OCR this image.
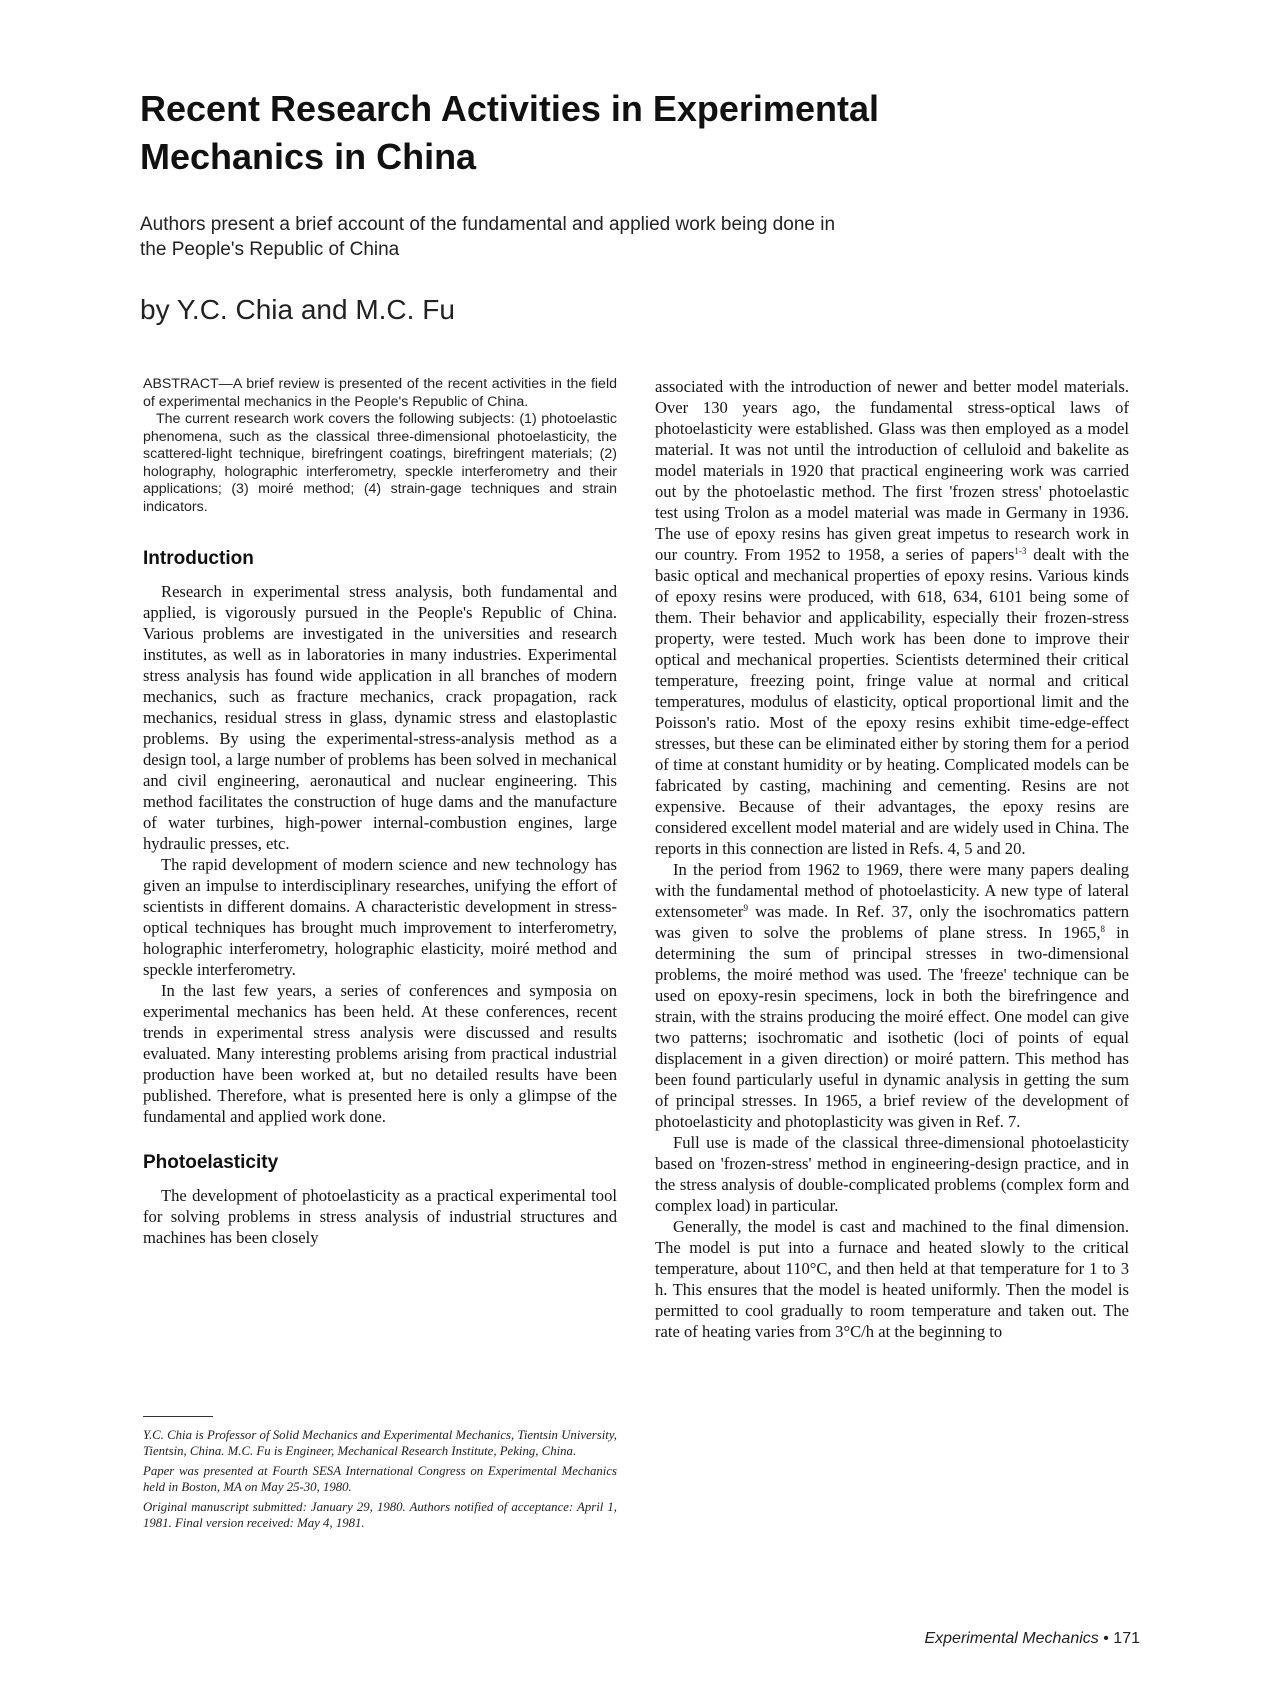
Recent Research Activities in Experimental Mechanics in China

Authors present a brief account of the fundamental and applied work being done in the People's Republic of China

by Y.C. Chia and M.C. Fu

ABSTRACT—A brief review is presented of the recent activities in the field of experimental mechanics in the People's Republic of China.

The current research work covers the following subjects: (1) photoelastic phenomena, such as the classical three-dimensional photoelasticity, the scattered-light technique, birefringent coatings, birefringent materials; (2) holography, holographic interferometry, speckle interferometry and their applications; (3) moiré method; (4) strain-gage techniques and strain indicators.

Introduction

Research in experimental stress analysis, both fundamental and applied, is vigorously pursued in the People's Republic of China. Various problems are investigated in the universities and research institutes, as well as in laboratories in many industries. Experimental stress analysis has found wide application in all branches of modern mechanics, such as fracture mechanics, crack propagation, rack mechanics, residual stress in glass, dynamic stress and elastoplastic problems. By using the experimental-stress-analysis method as a design tool, a large number of problems has been solved in mechanical and civil engineering, aeronautical and nuclear engineering. This method facilitates the construction of huge dams and the manufacture of water turbines, high-power internal-combustion engines, large hydraulic presses, etc.

The rapid development of modern science and new technology has given an impulse to interdisciplinary researches, unifying the effort of scientists in different domains. A characteristic development in stress-optical techniques has brought much improvement to interferometry, holographic interferometry, holographic elasticity, moiré method and speckle interferometry.

In the last few years, a series of conferences and symposia on experimental mechanics has been held. At these conferences, recent trends in experimental stress analysis were discussed and results evaluated. Many interesting problems arising from practical industrial production have been worked at, but no detailed results have been published. Therefore, what is presented here is only a glimpse of the fundamental and applied work done.

Photoelasticity

The development of photoelasticity as a practical experimental tool for solving problems in stress analysis of industrial structures and machines has been closely

Y.C. Chia is Professor of Solid Mechanics and Experimental Mechanics, Tientsin University, Tientsin, China. M.C. Fu is Engineer, Mechanical Research Institute, Peking, China.

Paper was presented at Fourth SESA International Congress on Experimental Mechanics held in Boston, MA on May 25-30, 1980.

Original manuscript submitted: January 29, 1980. Authors notified of acceptance: April 1, 1981. Final version received: May 4, 1981.

associated with the introduction of newer and better model materials. Over 130 years ago, the fundamental stress-optical laws of photoelasticity were established. Glass was then employed as a model material. It was not until the introduction of celluloid and bakelite as model materials in 1920 that practical engineering work was carried out by the photoelastic method. The first 'frozen stress' photoelastic test using Trolon as a model material was made in Germany in 1936. The use of epoxy resins has given great impetus to research work in our country. From 1952 to 1958, a series of papers$^{1-3}$ dealt with the basic optical and mechanical properties of epoxy resins. Various kinds of epoxy resins were produced, with 618, 634, 6101 being some of them. Their behavior and applicability, especially their frozen-stress property, were tested. Much work has been done to improve their optical and mechanical properties. Scientists determined their critical temperature, freezing point, fringe value at normal and critical temperatures, modulus of elasticity, optical proportional limit and the Poisson's ratio. Most of the epoxy resins exhibit time-edge-effect stresses, but these can be eliminated either by storing them for a period of time at constant humidity or by heating. Complicated models can be fabricated by casting, machining and cementing. Resins are not expensive. Because of their advantages, the epoxy resins are considered excellent model material and are widely used in China. The reports in this connection are listed in Refs. 4, 5 and 20.

In the period from 1962 to 1969, there were many papers dealing with the fundamental method of photoelasticity. A new type of lateral extensometer$^9$ was made. In Ref. 37, only the isochromatics pattern was given to solve the problems of plane stress. In 1965,$^8$ in determining the sum of principal stresses in two-dimensional problems, the moiré method was used. The 'freeze' technique can be used on epoxy-resin specimens, lock in both the birefringence and strain, with the strains producing the moiré effect. One model can give two patterns; isochromatic and isothetic (loci of points of equal displacement in a given direction) or moiré pattern. This method has been found particularly useful in dynamic analysis in getting the sum of principal stresses. In 1965, a brief review of the development of photoelasticity and photoplasticity was given in Ref. 7.

Full use is made of the classical three-dimensional photoelasticity based on 'frozen-stress' method in engineering-design practice, and in the stress analysis of double-complicated problems (complex form and complex load) in particular.

Generally, the model is cast and machined to the final dimension. The model is put into a furnace and heated slowly to the critical temperature, about 110°C, and then held at that temperature for 1 to 3 h. This ensures that the model is heated uniformly. Then the model is permitted to cool gradually to room temperature and taken out. The rate of heating varies from 3°C/h at the beginning to

Experimental Mechanics • 171
